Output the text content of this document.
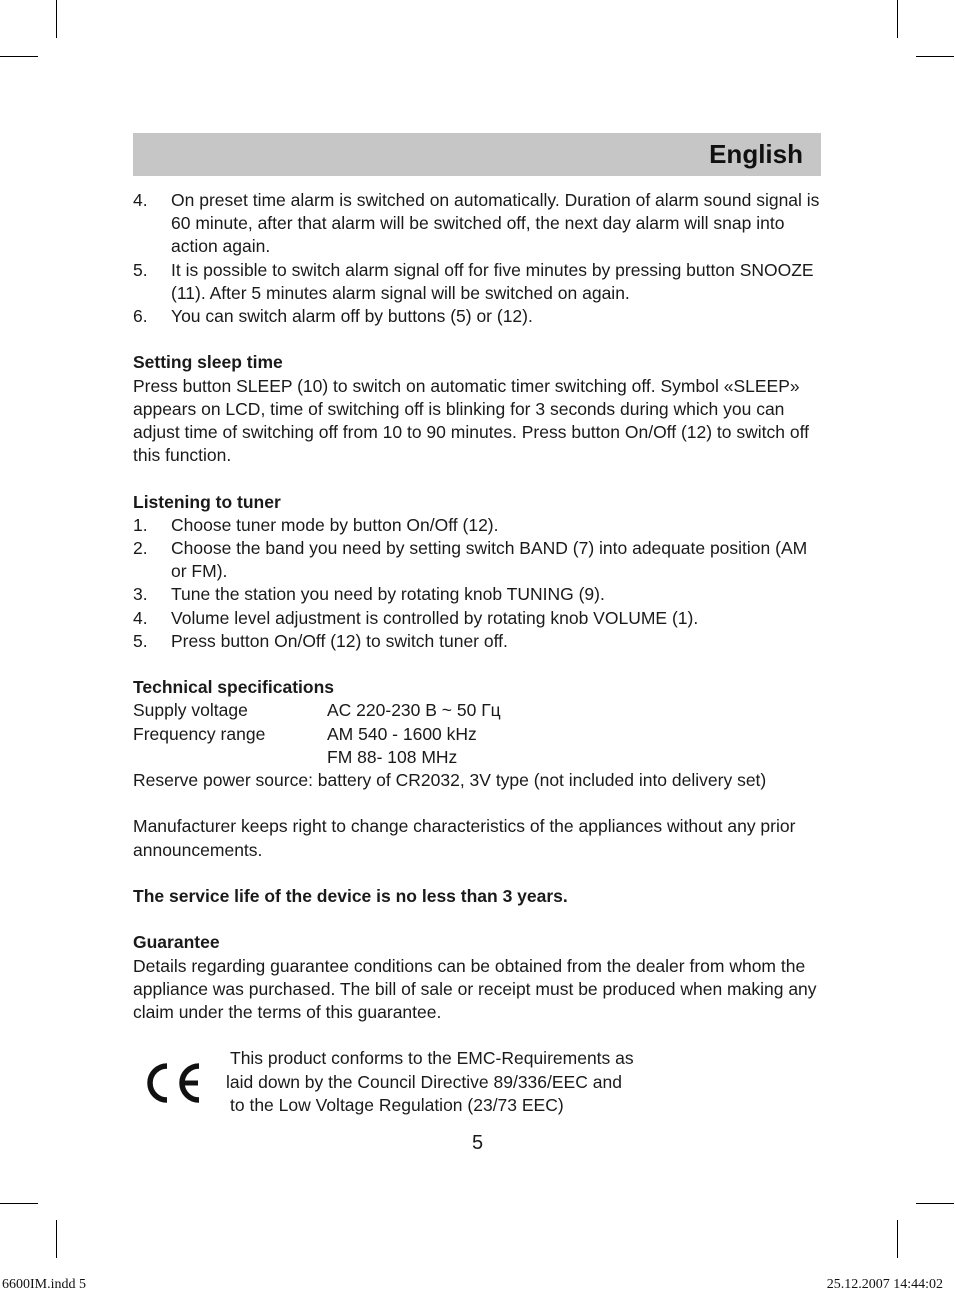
English
4. On preset time alarm is switched on automatically. Duration of alarm sound signal is 60 minute, after that alarm will be switched off, the next day alarm will snap into action again.
5. It is possible to switch alarm signal off for five minutes by pressing button SNOOZE (11). After 5 minutes alarm signal will be switched on again.
6. You can switch alarm off by buttons (5) or (12).
Setting sleep time
Press button SLEEP (10) to switch on automatic timer switching off. Symbol «SLEEP» appears on LCD, time of switching off is blinking for 3 seconds during which you can adjust time of switching off from 10 to 90 minutes. Press button On/Off (12) to switch off this function.
Listening to tuner
1. Choose tuner mode by button On/Off (12).
2. Choose the band you need by setting switch BAND (7) into adequate position (AM or FM).
3. Tune the station you need by rotating knob TUNING (9).
4. Volume level adjustment is controlled by rotating knob VOLUME (1).
5. Press button On/Off (12) to switch tuner off.
Technical specifications
Supply voltage	AC 220-230 В ~ 50 Гц
Frequency range	AM 540 - 1600 kHz
FM 88- 108 MHz
Reserve power source: battery of CR2032, 3V type (not included into delivery set)
Manufacturer keeps right to change characteristics of the appliances without any prior announcements.
The service life of the device is no less than 3 years.
Guarantee
Details regarding guarantee conditions can be obtained from the dealer from whom the appliance was purchased. The bill of sale or receipt must be produced when making any claim under the terms of this guarantee.
This product conforms to the EMC-Requirements as
laid down by the Council Directive 89/336/EEC and
to the Low Voltage Regulation (23/73 EEC)
5
6600IM.indd 5	25.12.2007 14:44:02
